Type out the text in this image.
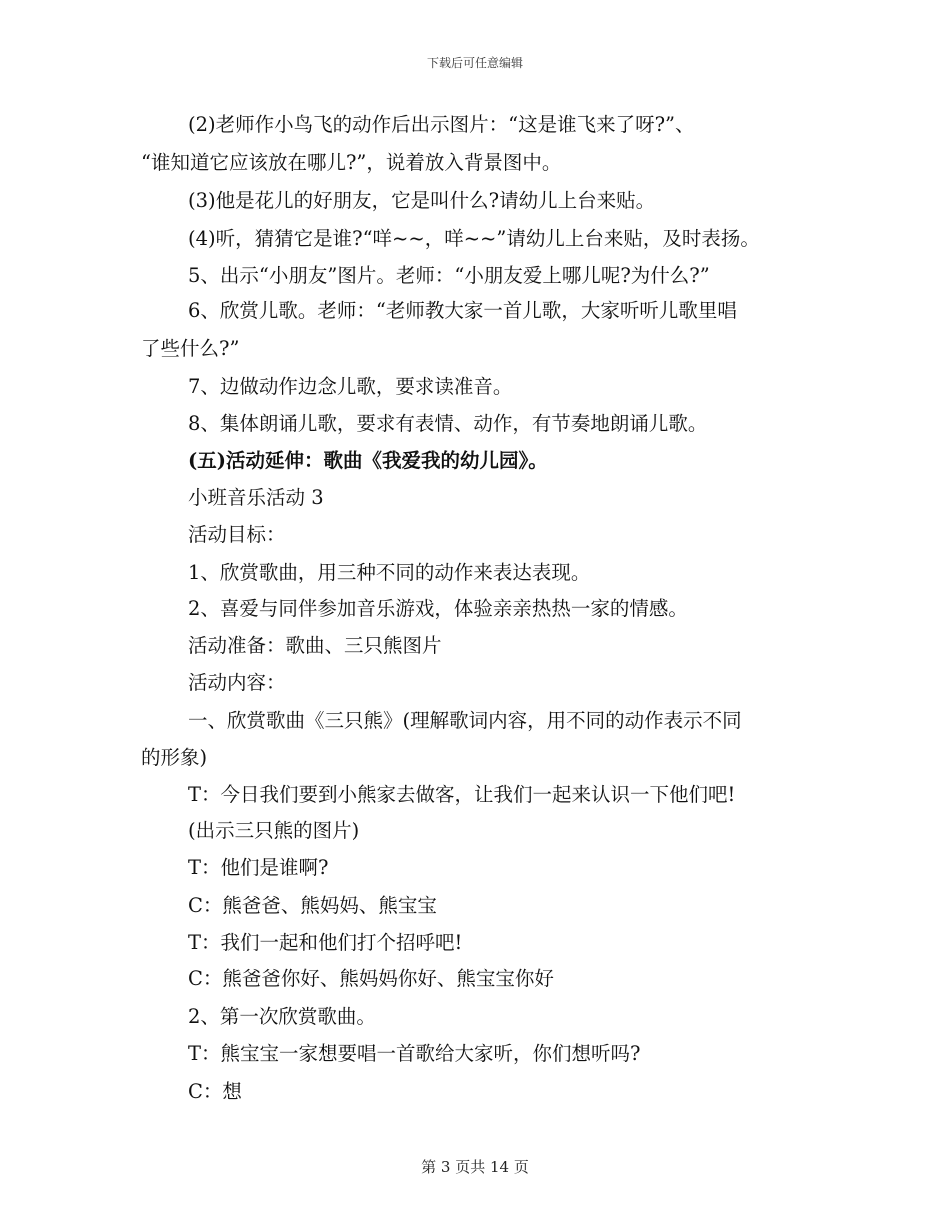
下载后可任意编辑
(2)老师作小鸟飞的动作后出示图片：“这是谁飞来了呀?”、
“谁知道它应该放在哪儿?”，说着放入背景图中。
(3)他是花儿的好朋友，它是叫什么?请幼儿上台来贴。
(4)听，猜猜它是谁?“咩~~，咩~~”请幼儿上台来贴，及时表扬。
5、出示“小朋友”图片。老师：“小朋友爱上哪儿呢?为什么?”
6、欣赏儿歌。老师：“老师教大家一首儿歌，大家听听儿歌里唱
了些什么?”
7、边做动作边念儿歌，要求读准音。
8、集体朗诵儿歌，要求有表情、动作，有节奏地朗诵儿歌。
(五)活动延伸：歌曲《我爱我的幼儿园》。
小班音乐活动 3
活动目标：
1、欣赏歌曲，用三种不同的动作来表达表现。
2、喜爱与同伴参加音乐游戏，体验亲亲热热一家的情感。
活动准备：歌曲、三只熊图片
活动内容：
一、欣赏歌曲《三只熊》(理解歌词内容，用不同的动作表示不同
的形象)
T：今日我们要到小熊家去做客，让我们一起来认识一下他们吧!
(出示三只熊的图片)
T：他们是谁啊?
C：熊爸爸、熊妈妈、熊宝宝
T：我们一起和他们打个招呼吧!
C：熊爸爸你好、熊妈妈你好、熊宝宝你好
2、第一次欣赏歌曲。
T：熊宝宝一家想要唱一首歌给大家听，你们想听吗?
C：想
第 3 页共 14 页
